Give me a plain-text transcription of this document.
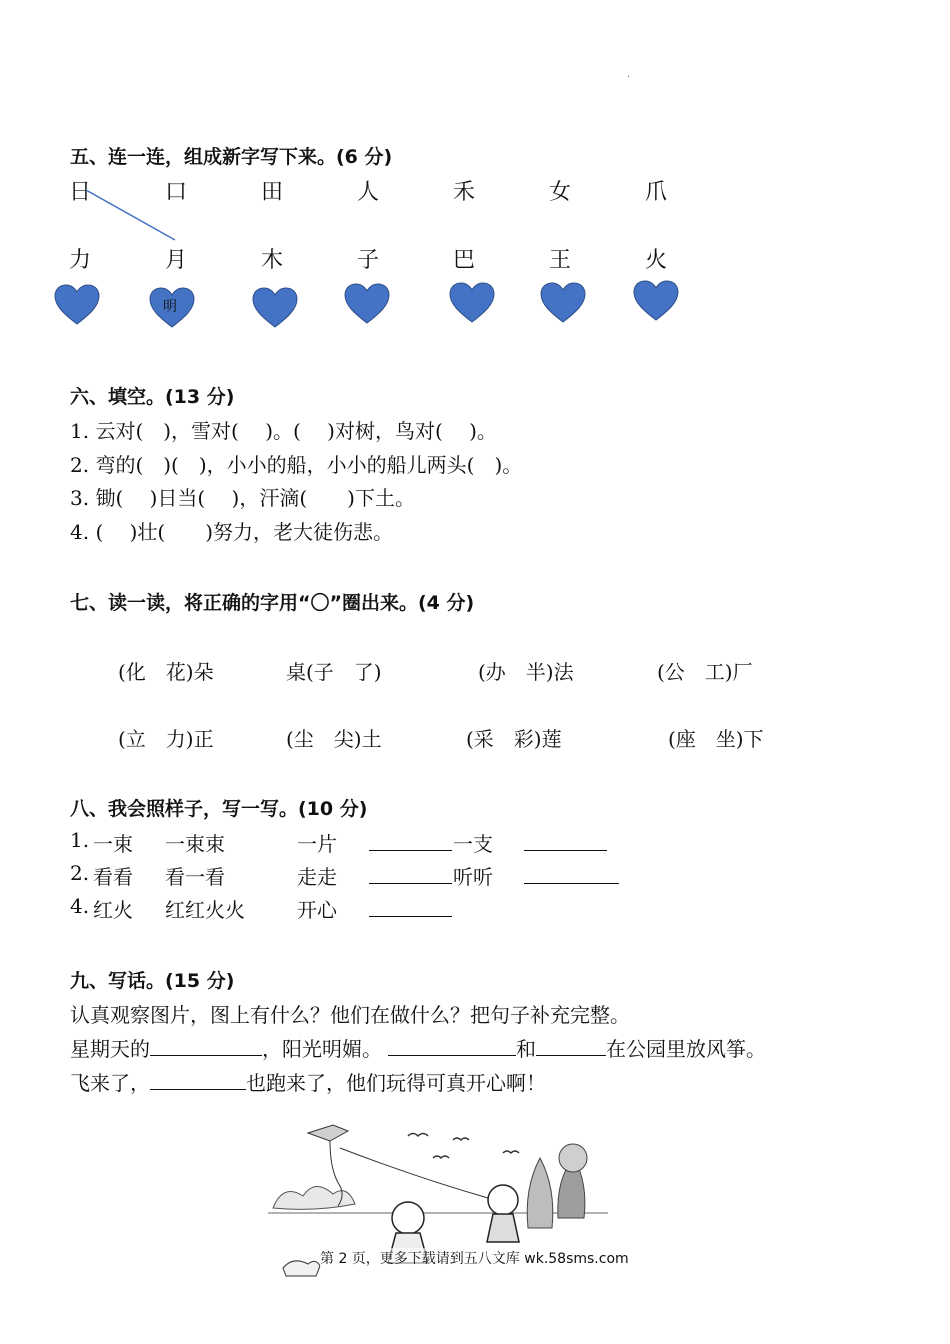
·
五、连一连，组成新字写下来。(6 分)
日	口	田	人	禾	女	爪
力	月	木	子	巴	王	火
明
六、填空。(13 分)
1. 云对(　)，雪对(　 )。(　 )对树，鸟对(　 )。
2. 弯的(　)(　)，小小的船，小小的船儿两头(　)。
3. 锄(　 )日当(　 )，汗滴(　　)下土。
4. (　 )壮(　　)努力，老大徒伤悲。
七、读一读，将正确的字用“〇”圈出来。(4 分)
(化　花)朵	桌(子　了)	(办　半)法	(公　工)厂
(立　力)正	(尘　尖)土	(采　彩)莲	(座　坐)下
八、我会照样子，写一写。(10 分)
1. 一束 一束束	一片	一支
2. 看看 看一看	走走	听听
4. 红火 红红火火	开心
九、写话。(15 分)
认真观察图片，图上有什么？他们在做什么？把句子补充完整。
星期天的	，阳光明媚。	和	在公园里放风筝。
飞来了，	也跑来了，他们玩得可真开心啊！
第 2 页，更多下载请到五八文库 wk.58sms.com
